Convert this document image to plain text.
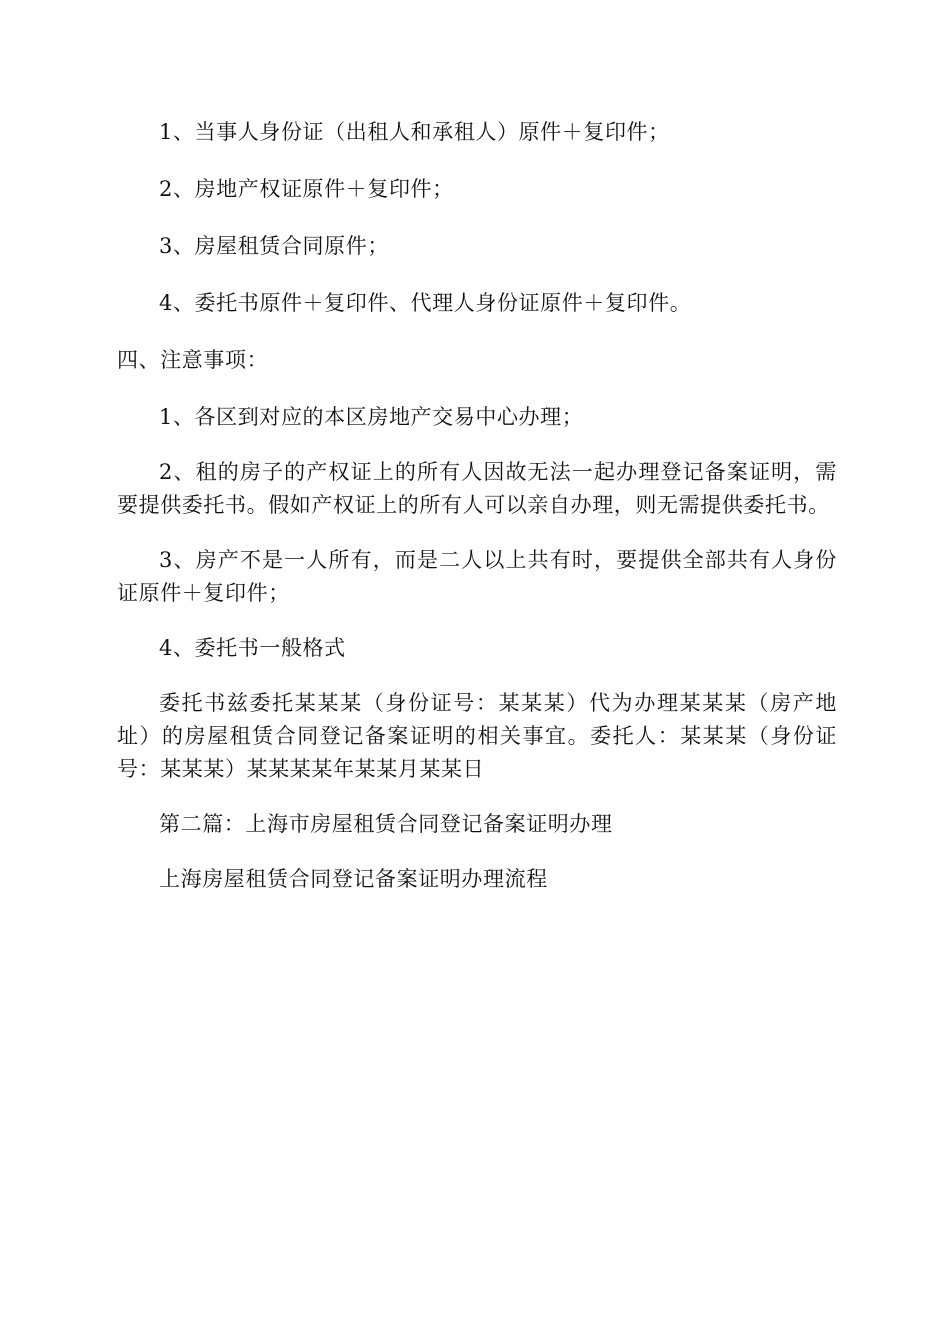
1、当事人身份证（出租人和承租人）原件＋复印件；

2、房地产权证原件＋复印件；

3、房屋租赁合同原件；

4、委托书原件＋复印件、代理人身份证原件＋复印件。

四、注意事项：

1、各区到对应的本区房地产交易中心办理；

2、租的房子的产权证上的所有人因故无法一起办理登记备案证明，需要提供委托书。假如产权证上的所有人可以亲自办理，则无需提供委托书。

3、房产不是一人所有，而是二人以上共有时，要提供全部共有人身份证原件＋复印件；

4、委托书一般格式

委托书兹委托某某某（身份证号：某某某）代为办理某某某（房产地址）的房屋租赁合同登记备案证明的相关事宜。委托人：某某某（身份证号：某某某）某某某某年某某月某某日

第二篇：上海市房屋租赁合同登记备案证明办理

上海房屋租赁合同登记备案证明办理流程
